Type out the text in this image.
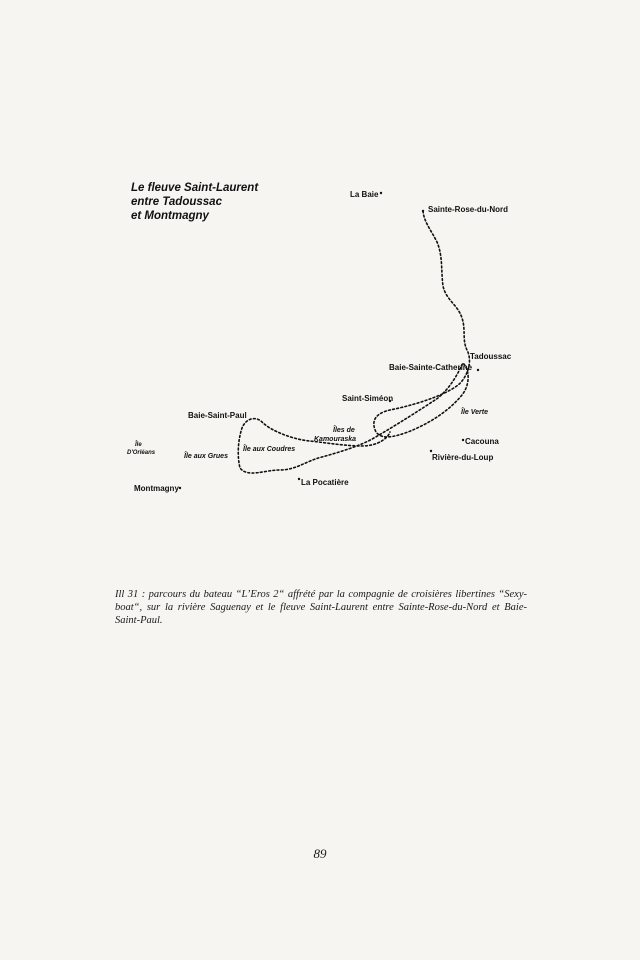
Le fleuve Saint-Laurent
entre Tadoussac
et Montmagny
La Baie
Sainte-Rose-du-Nord
Tadoussac
Baie-Sainte-Catherine
Saint-Siméon
Île Verte
Baie-Saint-Paul
Îles de
Kamouraska	Cacouna
Rivière-du-Loup
Île
D'Orléans	Île aux Grues
Île aux Coudres
La Pocatière
Montmagny

Ill 31 : parcours du bateau “L’Eros 2“ affrété par la compagnie de croisières libertines “Sexy-boat“, sur la rivière Saguenay et le fleuve Saint-Laurent entre Sainte-Rose-du-Nord et Baie-Saint-Paul.

89
